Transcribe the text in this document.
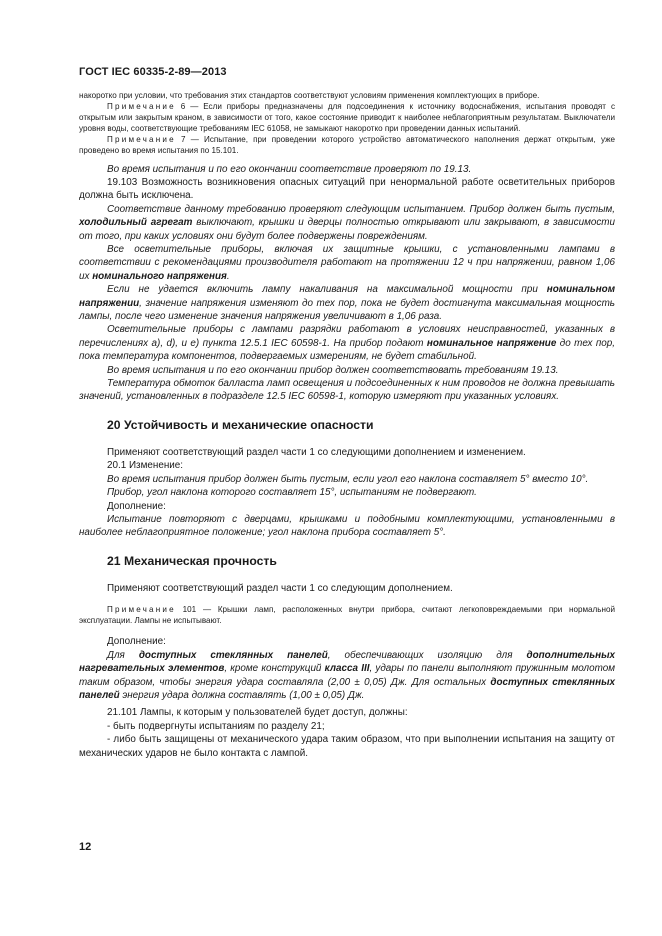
ГОСТ IEC 60335-2-89—2013

накоротко при условии, что требования этих стандартов соответствуют условиям применения комплектующих в приборе.

Примечание 6 — Если приборы предназначены для подсоединения к источнику водоснабжения, испытания проводят с открытым или закрытым краном, в зависимости от того, какое состояние приводит к наиболее неблагоприятным результатам. Выключатели уровня воды, соответствующие требованиям IEC 61058, не замыкают накоротко при проведении данных испытаний.

Примечание 7 — Испытание, при проведении которого устройство автоматического наполнения держат открытым, уже проведено во время испытания по 15.101.

Во время испытания и по его окончании соответствие проверяют по 19.13.

19.103 Возможность возникновения опасных ситуаций при ненормальной работе осветительных приборов должна быть исключена.

Соответствие данному требованию проверяют следующим испытанием. Прибор должен быть пустым, холодильный агрегат выключают, крышки и дверцы полностью открывают или закрывают, в зависимости от того, при каких условиях они будут более подвержены повреждениям.

Все осветительные приборы, включая их защитные крышки, с установленными лампами в соответствии с рекомендациями производителя работают на протяжении 12 ч при напряжении, равном 1,06 их номинального напряжения.

Если не удается включить лампу накаливания на максимальной мощности при номинальном напряжении, значение напряжения изменяют до тех пор, пока не будет достигнута максимальная мощность лампы, после чего изменение значения напряжения увеличивают в 1,06 раза.

Осветительные приборы с лампами разрядки работают в условиях неисправностей, указанных в перечислениях а), d), и е) пункта 12.5.1 IEC 60598-1. На прибор подают номинальное напряжение до тех пор, пока температура компонентов, подвергаемых измерениям, не будет стабильной.

Во время испытания и по его окончании прибор должен соответствовать требованиям 19.13.

Температура обмоток балласта ламп освещения и подсоединенных к ним проводов не должна превышать значений, установленных в подразделе 12.5 IEC 60598-1, которую измеряют при указанных условиях.

20 Устойчивость и механические опасности

Применяют соответствующий раздел части 1 со следующими дополнением и изменением.

20.1 Изменение:

Во время испытания прибор должен быть пустым, если угол его наклона составляет 5° вместо 10°.

Прибор, угол наклона которого составляет 15°, испытаниям не подвергают.

Дополнение:

Испытание повторяют с дверцами, крышками и подобными комплектующими, установленными в наиболее неблагоприятное положение; угол наклона прибора составляет 5°.

21 Механическая прочность

Применяют соответствующий раздел части 1 со следующим дополнением.

Примечание 101 — Крышки ламп, расположенных внутри прибора, считают легкоповреждаемыми при нормальной эксплуатации. Лампы не испытывают.

Дополнение:

Для доступных стеклянных панелей, обеспечивающих изоляцию для дополнительных нагревательных элементов, кроме конструкций класса III, удары по панели выполняют пружинным молотом таким образом, чтобы энергия удара составляла (2,00 ± 0,05) Дж. Для остальных доступных стеклянных панелей энергия удара должна составлять (1,00 ± 0,05) Дж.

21.101 Лампы, к которым у пользователей будет доступ, должны:

- быть подвергнуты испытаниям по разделу 21;

- либо быть защищены от механического удара таким образом, что при выполнении испытания на защиту от механических ударов не было контакта с лампой.

12
